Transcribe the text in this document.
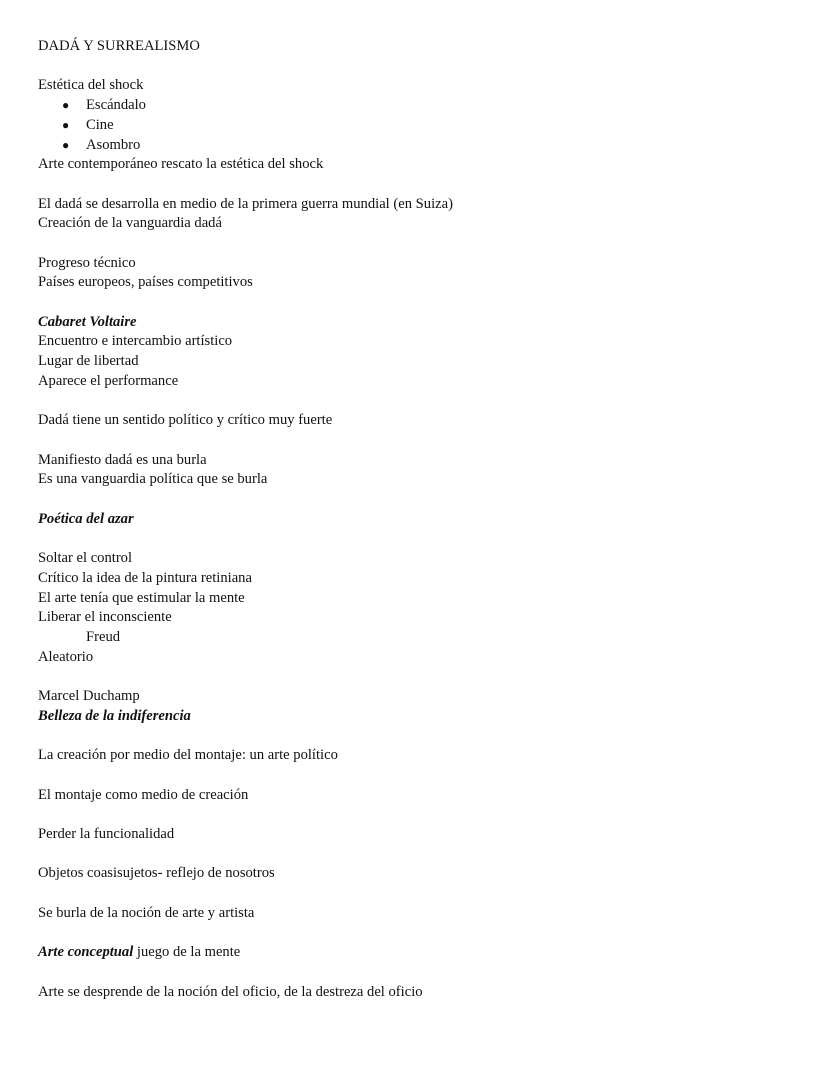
DADÁ Y SURREALISMO

Estética del shock

● Escándalo
● Cine
● Asombro

Arte contemporáneo rescato la estética del shock

El dadá se desarrolla en medio de la primera guerra mundial (en Suiza)

Creación de la vanguardia dadá

Progreso técnico

Países europeos, países competitivos

Cabaret Voltaire

Encuentro e intercambio artístico

Lugar de libertad

Aparece el performance

Dadá tiene un sentido político y crítico muy fuerte

Manifiesto dadá es una burla

Es una vanguardia política que se burla

Poética del azar

Soltar el control

Crítico la idea de la pintura retiniana

El arte tenía que estimular la mente

Liberar el inconsciente

Freud

Aleatorio

Marcel Duchamp

Belleza de la indiferencia

La creación por medio del montaje: un arte político

El montaje como medio de creación

Perder la funcionalidad

Objetos coasisujetos- reflejo de nosotros

Se burla de la noción de arte y artista

Arte conceptual juego de la mente

Arte se desprende de la noción del oficio, de la destreza del oficio
